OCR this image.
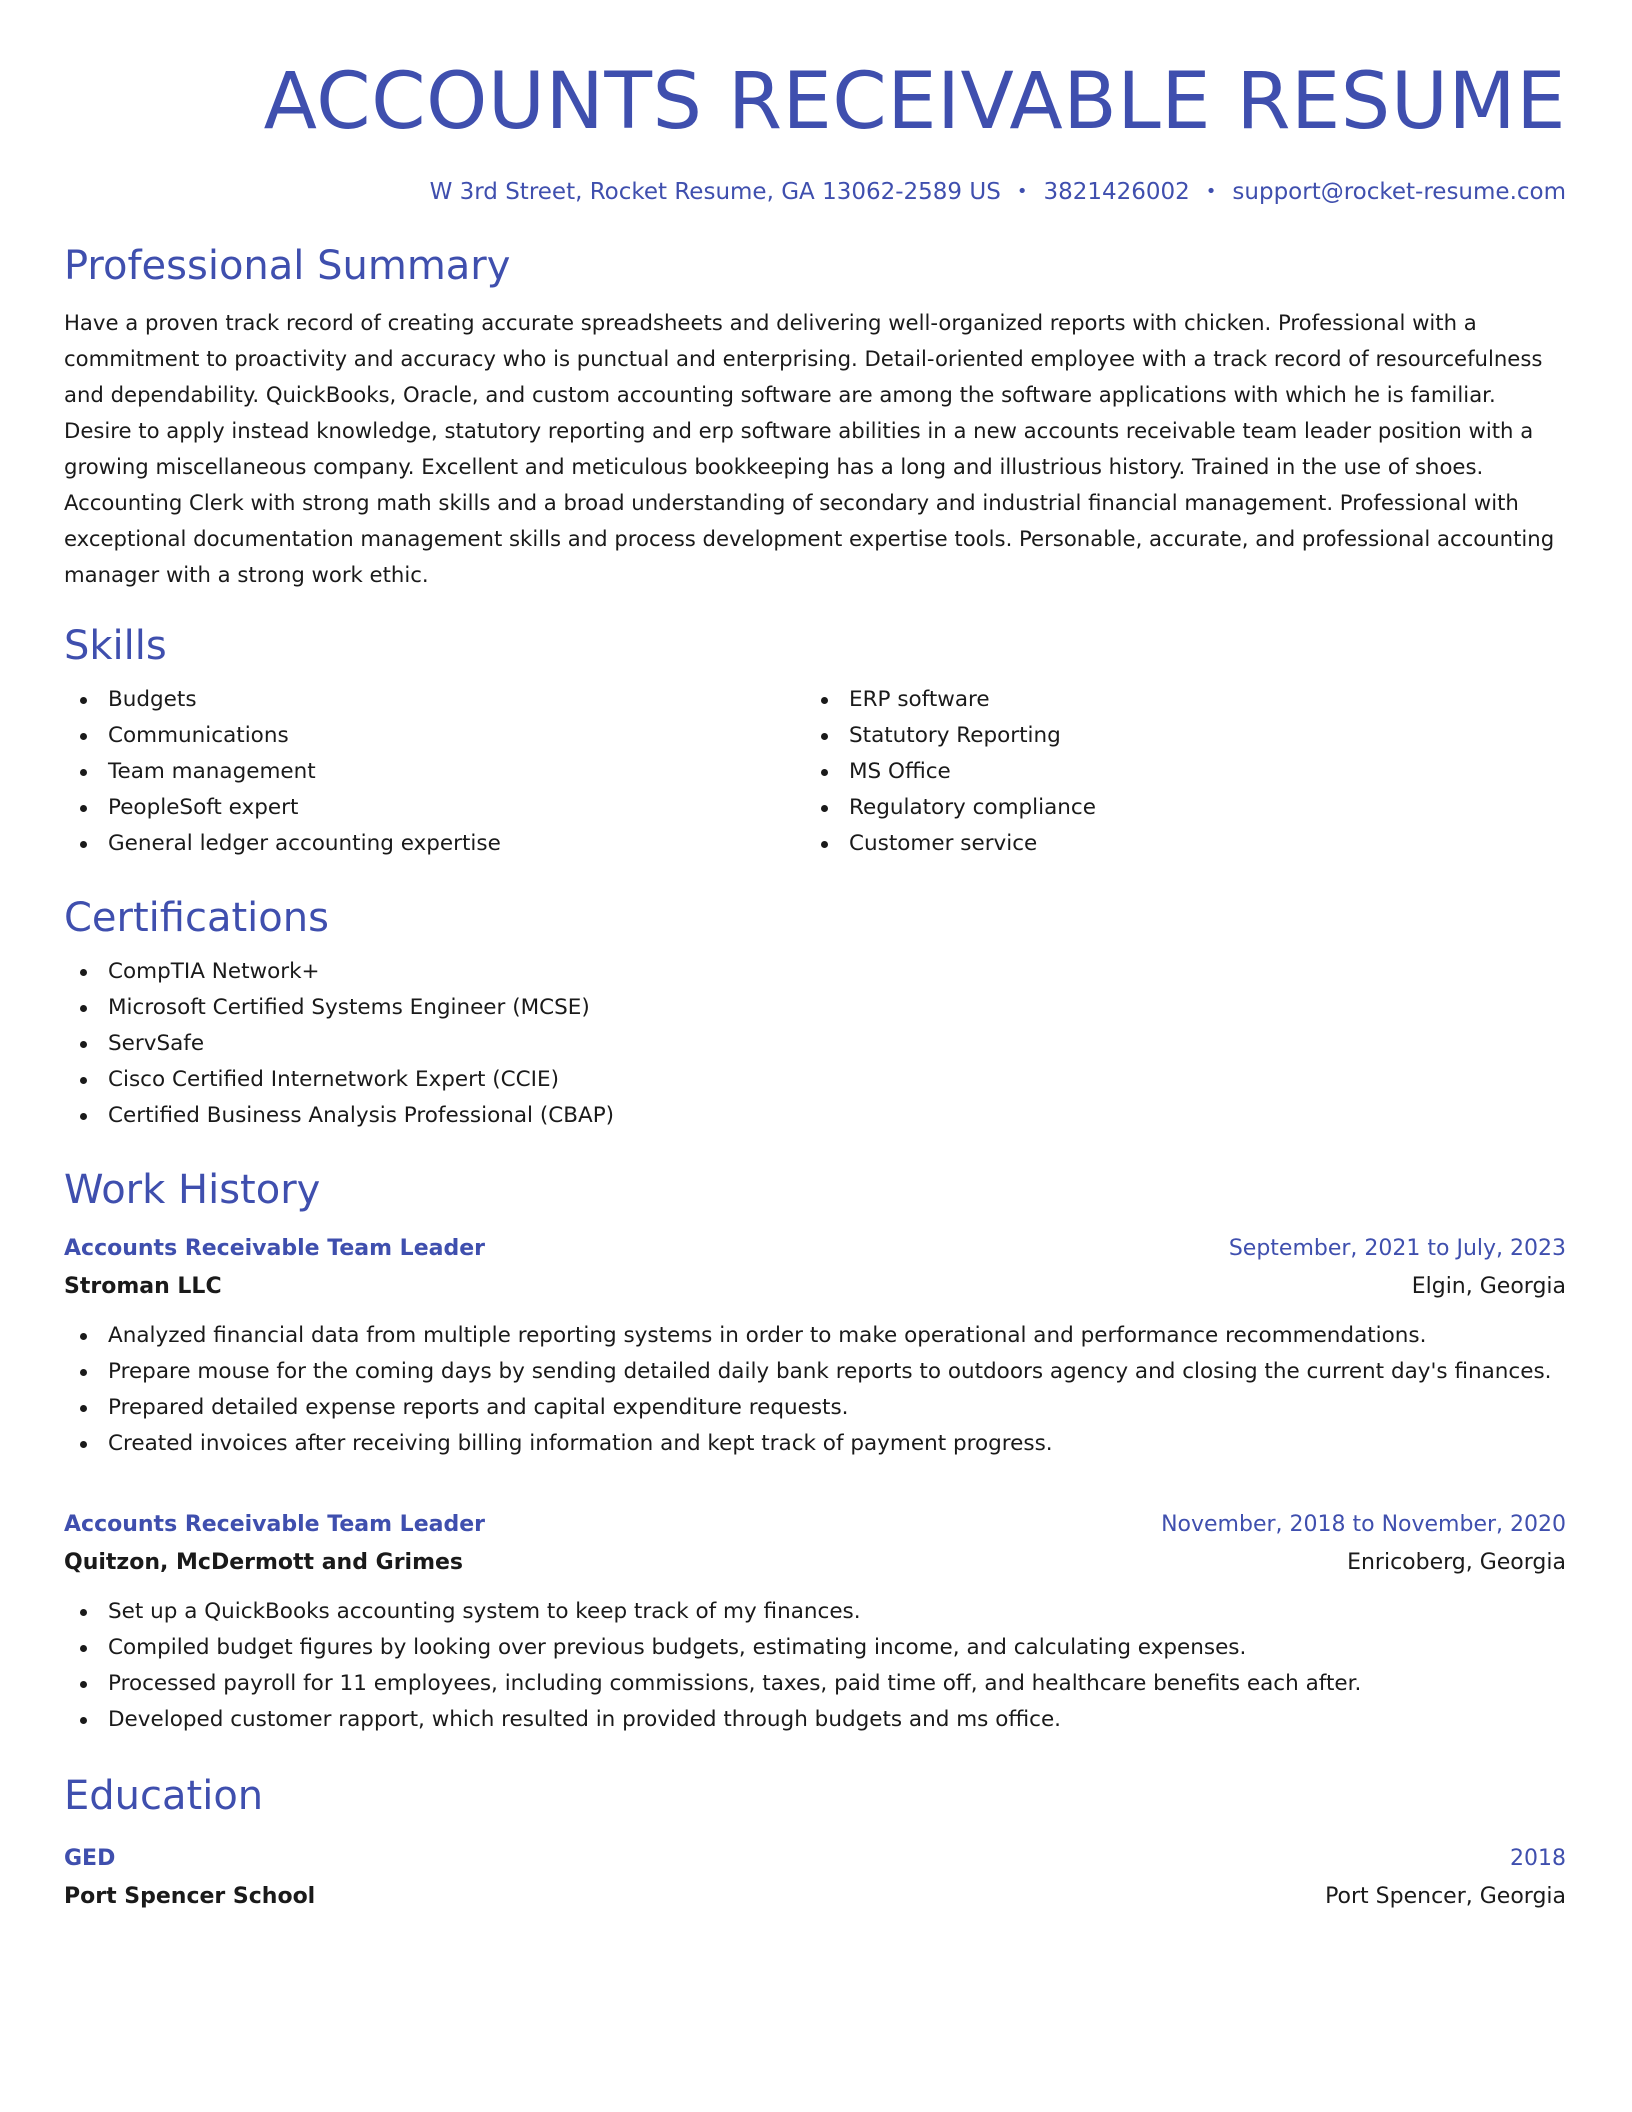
ACCOUNTS RECEIVABLE RESUME
W 3rd Street, Rocket Resume, GA 13062-2589 US • 3821426002 • support@rocket-resume.com
Professional Summary

Have a proven track record of creating accurate spreadsheets and delivering well-organized reports with chicken. Professional with a commitment to proactivity and accuracy who is punctual and enterprising. Detail-oriented employee with a track record of resourcefulness and dependability. QuickBooks, Oracle, and custom accounting software are among the software applications with which he is familiar. Desire to apply instead knowledge, statutory reporting and erp software abilities in a new accounts receivable team leader position with a growing miscellaneous company. Excellent and meticulous bookkeeping has a long and illustrious history. Trained in the use of shoes. Accounting Clerk with strong math skills and a broad understanding of secondary and industrial financial management. Professional with exceptional documentation management skills and process development expertise tools. Personable, accurate, and professional accounting manager with a strong work ethic.

Skills
Budgets
Communications
Team management
PeopleSoft expert
General ledger accounting expertise
ERP software
Statutory Reporting
MS Office
Regulatory compliance
Customer service
Certifications
CompTIA Network+
Microsoft Certified Systems Engineer (MCSE)
ServSafe
Cisco Certified Internetwork Expert (CCIE)
Certified Business Analysis Professional (CBAP)
Work History
Accounts Receivable Team Leader	September, 2021 to July, 2023
Stroman LLC	Elgin, Georgia
Analyzed financial data from multiple reporting systems in order to make operational and performance recommendations.
Prepare mouse for the coming days by sending detailed daily bank reports to outdoors agency and closing the current day's finances.
Prepared detailed expense reports and capital expenditure requests.
Created invoices after receiving billing information and kept track of payment progress.
Accounts Receivable Team Leader	November, 2018 to November, 2020
Quitzon, McDermott and Grimes	Enricoberg, Georgia
Set up a QuickBooks accounting system to keep track of my finances.
Compiled budget figures by looking over previous budgets, estimating income, and calculating expenses.
Processed payroll for 11 employees, including commissions, taxes, paid time off, and healthcare benefits each after.
Developed customer rapport, which resulted in provided through budgets and ms office.
Education
GED	2018
Port Spencer School	Port Spencer, Georgia
